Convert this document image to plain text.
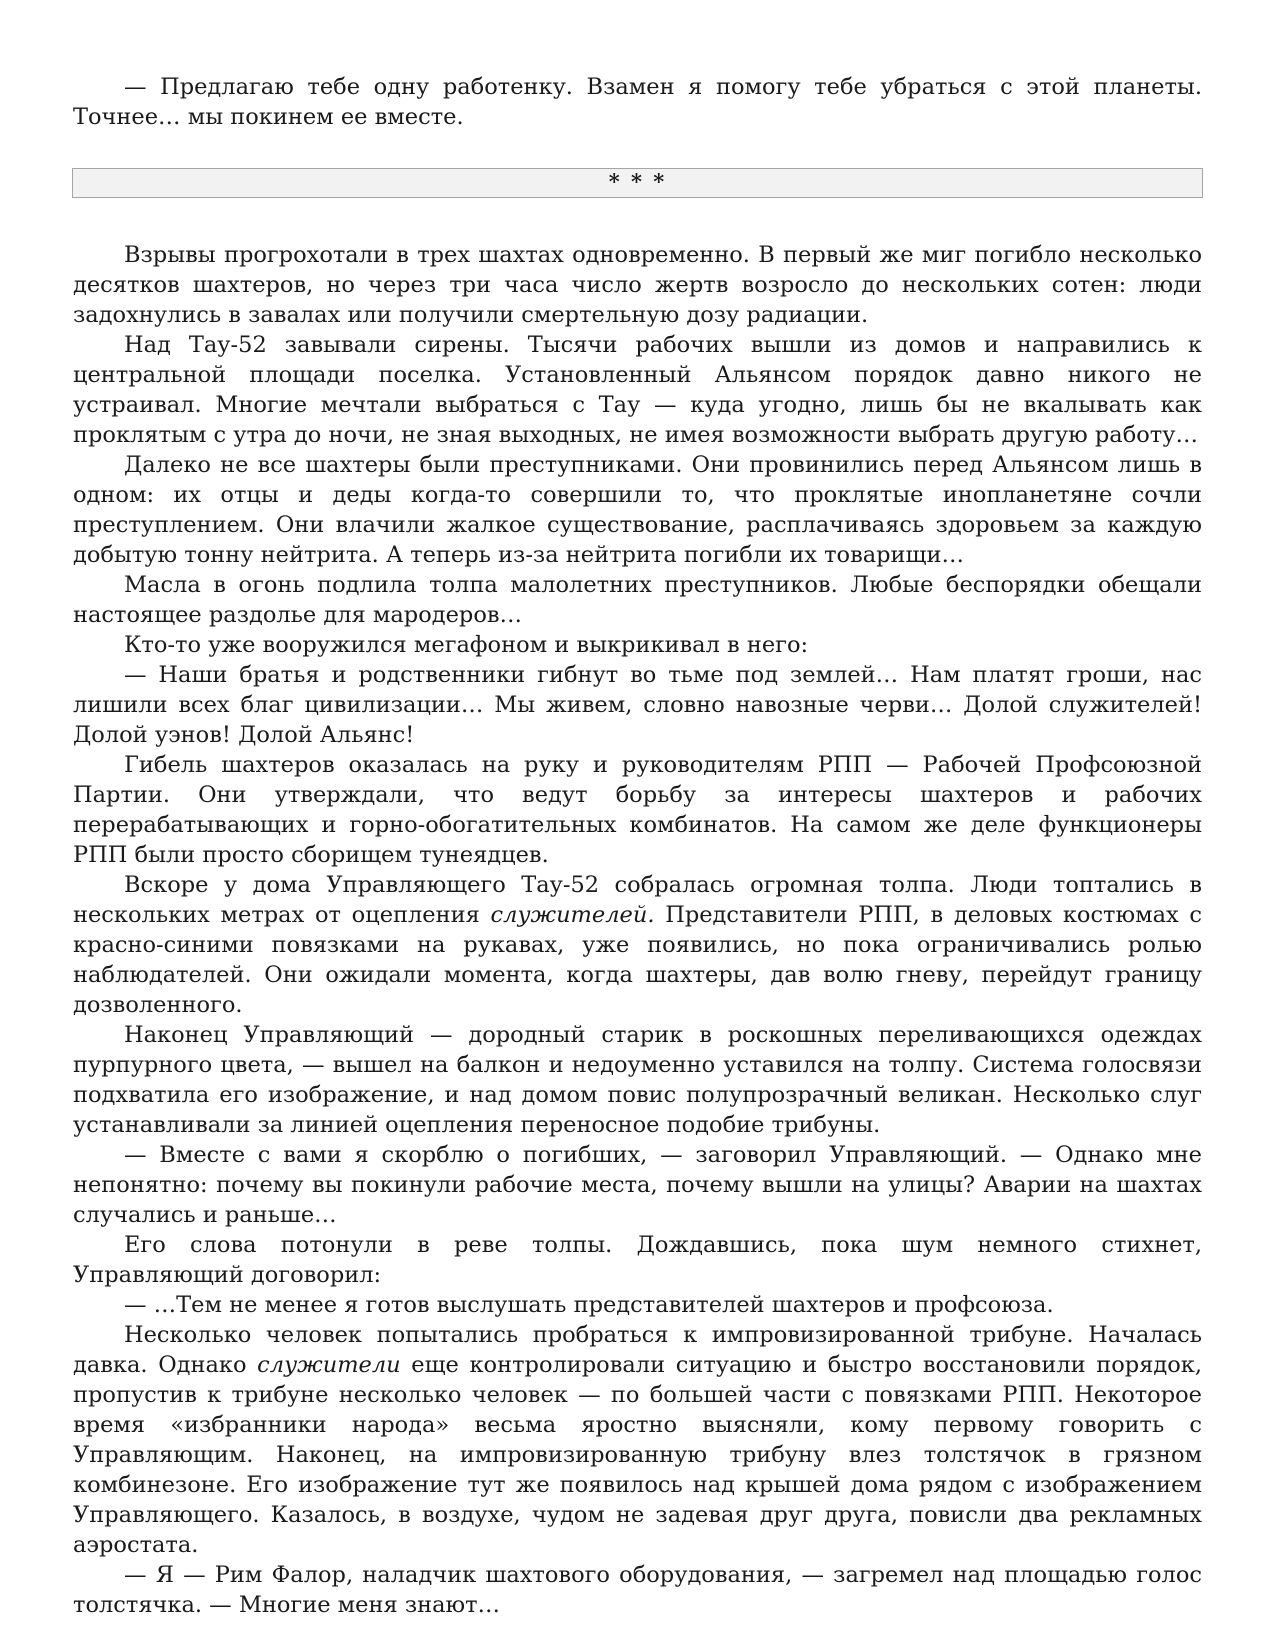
— Предлагаю тебе одну работенку. Взамен я помогу тебе убраться с этой планеты. Точнее… мы покинем ее вместе.

* * *

Взрывы прогрохотали в трех шахтах одновременно. В первый же миг погибло несколько десятков шахтеров, но через три часа число жертв возросло до нескольких сотен: люди задохнулись в завалах или получили смертельную дозу радиации.

Над Тау-52 завывали сирены. Тысячи рабочих вышли из домов и направились к центральной площади поселка. Установленный Альянсом порядок давно никого не устраивал. Многие мечтали выбраться с Тау — куда угодно, лишь бы не вкалывать как проклятым с утра до ночи, не зная выходных, не имея возможности выбрать другую работу…

Далеко не все шахтеры были преступниками. Они провинились перед Альянсом лишь в одном: их отцы и деды когда-то совершили то, что проклятые инопланетяне сочли преступлением. Они влачили жалкое существование, расплачиваясь здоровьем за каждую добытую тонну нейтрита. А теперь из-за нейтрита погибли их товарищи…

Масла в огонь подлила толпа малолетних преступников. Любые беспорядки обещали настоящее раздолье для мародеров…

Кто-то уже вооружился мегафоном и выкрикивал в него:

— Наши братья и родственники гибнут во тьме под землей… Нам платят гроши, нас лишили всех благ цивилизации… Мы живем, словно навозные черви… Долой служителей! Долой уэнов! Долой Альянс!

Гибель шахтеров оказалась на руку и руководителям РПП — Рабочей Профсоюзной Партии. Они утверждали, что ведут борьбу за интересы шахтеров и рабочих перерабатывающих и горно-обогатительных комбинатов. На самом же деле функционеры РПП были просто сборищем тунеядцев.

Вскоре у дома Управляющего Тау-52 собралась огромная толпа. Люди топтались в нескольких метрах от оцепления служителей. Представители РПП, в деловых костюмах с красно-синими повязками на рукавах, уже появились, но пока ограничивались ролью наблюдателей. Они ожидали момента, когда шахтеры, дав волю гневу, перейдут границу дозволенного.

Наконец Управляющий — дородный старик в роскошных переливающихся одеждах пурпурного цвета, — вышел на балкон и недоуменно уставился на толпу. Система голосвязи подхватила его изображение, и над домом повис полупрозрачный великан. Несколько слуг устанавливали за линией оцепления переносное подобие трибуны.

— Вместе с вами я скорблю о погибших, — заговорил Управляющий. — Однако мне непонятно: почему вы покинули рабочие места, почему вышли на улицы? Аварии на шахтах случались и раньше…

Его слова потонули в реве толпы. Дождавшись, пока шум немного стихнет, Управляющий договорил:

— …Тем не менее я готов выслушать представителей шахтеров и профсоюза.

Несколько человек попытались пробраться к импровизированной трибуне. Началась давка. Однако служители еще контролировали ситуацию и быстро восстановили порядок, пропустив к трибуне несколько человек — по большей части с повязками РПП. Некоторое время «избранники народа» весьма яростно выясняли, кому первому говорить с Управляющим. Наконец, на импровизированную трибуну влез толстячок в грязном комбинезоне. Его изображение тут же появилось над крышей дома рядом с изображением Управляющего. Казалось, в воздухе, чудом не задевая друг друга, повисли два рекламных аэростата.

— Я — Рим Фалор, наладчик шахтового оборудования, — загремел над площадью голос толстячка. — Многие меня знают…
